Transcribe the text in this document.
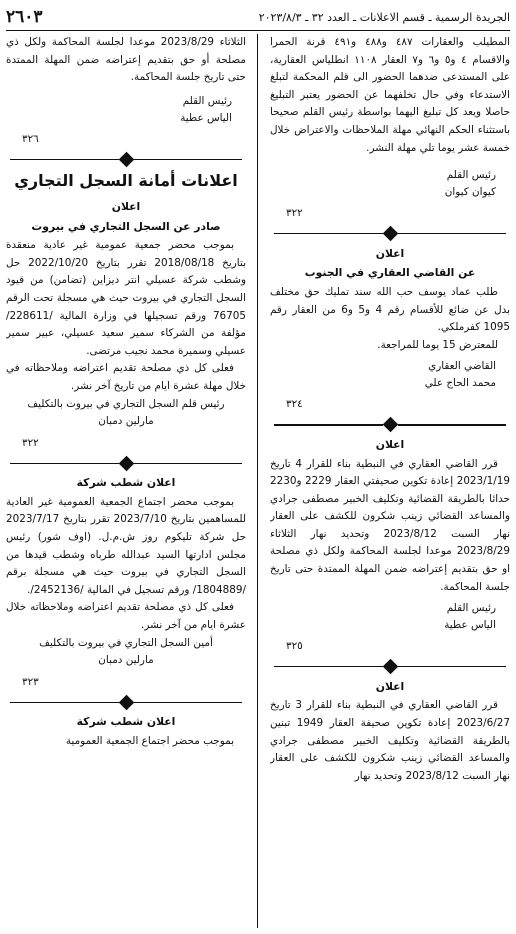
الجريدة الرسمية ـ قسم الاعلانات ـ العدد ٣٢ ـ ٢٠٢٣/٨/٣
٢٦٠٣

المطيلب والعقارات ٤٨٧ و٤٨٨ و٤٩١ قرنة الحمرا والاقسام ٤ و٥ و٦ و٧ العقار ١١٠٨ انطلياس العقارية، على المستدعى ضدهما الحضور الى قلم المحكمة لتبلغ الاستدعاء وفي حال تخلفهما عن الحضور يعتبر التبليغ حاصلا ويعد كل تبليغ اليهما بواسطة رئيس القلم صحيحا باستثناء الحكم النهائي مهلة الملاحظات والاعتراض خلال خمسة عشر يوما تلي مهلة النشر.

رئيس القلم

كيوان كيوان

٣٢٢

اعلان

عن القاضي العقاري في الجنوب

طلب عماد يوسف حب الله سند تمليك حق مختلف بدل عن ضائع للأقسام رقم 4 و5 و6 من العقار رقم 1095 كفرملكي.

للمعترض 15 يوما للمراجعة.

القاضي العقاري

محمد الحاج علي

٣٢٤

اعلان

قرر القاضي العقاري في النبطية بناء للقرار 4 تاريخ 2023/1/19 إعادة تكوين صحيفتي العقار 2229 و2230 حدائا بالطريقة القضائية وتكليف الخبير مصطفى جرادي والمساعد القضائي زينب شكرون للكشف على العقار نهار السبت 2023/8/12 وتحديد نهار الثلاثاء 2023/8/29 موعدا لجلسة المحاكمة ولكل ذي مصلحة او حق بتقديم إعتراضه ضمن المهلة الممتدة حتى تاريخ جلسة المحاكمة.

رئيس القلم

الياس عطية

٣٢٥

اعلان

قرر القاضي العقاري في النبطية بناء للقرار 3 تاريخ 2023/6/27 إعادة تكوين صحيفة العقار 1949 تبنين بالطريقة القضائية وتكليف الخبير مصطفى جرادي والمساعد القضائي زينب شكرون للكشف على العقار نهار السبت 2023/8/12 وتحديد نهار

الثلاثاء 2023/8/29 موعدا لجلسة المحاكمة ولكل ذي مصلحة أو حق بتقديم إعتراضه ضمن المهلة الممتدة حتى تاريخ جلسة المحاكمة.

رئيس القلم

الياس عطية

٣٢٦

اعلانات أمانة السجل التجاري

اعلان

صادر عن السجل التجاري في بيروت

بموجب محضر جمعية عمومية غير عادية منعقدة بتاريخ 2018/08/18 تقرر بتاريخ 2022/10/20 حل وشطب شركة عسيلي انتر ديزاين (تضامن) من قيود السجل التجاري في بيروت حيث هي مسجلة تحت الرقم 76705 ورقم تسجيلها في وزارة المالية /228611/ مؤلفة من الشركاء سمير سعيد عسيلي، عبير سمير عسيلي وسميرة محمد نجيب مرتضى.

فعلى كل ذي مصلحة تقديم اعتراضه وملاحظاته في خلال مهلة عشرة ايام من تاريخ آخر نشر.

رئيس قلم السجل التجاري في بيروت بالتكليف

مارلين دمبان

٣٢٢

اعلان شطب شركة

بموجب محضر اجتماع الجمعية العمومية غير العادية للمساهمين بتاريخ 2023/7/10 تقرر بتاريخ 2023/7/17 حل شركة تليكوم روز ش.م.ل. (اوف شور) رئيس مجلس ادارتها السيد عبدالله طرباه وشطب قيدها من السجل التجاري في بيروت حيث هي مسجلة برقم /1804889/ ورقم تسجيل في المالية /2452136/.

فعلى كل ذي مصلحة تقديم اعتراضه وملاحظاته خلال عشرة ايام من آخر نشر.

أمين السجل التجاري في بيروت بالتكليف

مارلين دمبان

٣٢٣

اعلان شطب شركة

بموجب محضر اجتماع الجمعية العمومية
